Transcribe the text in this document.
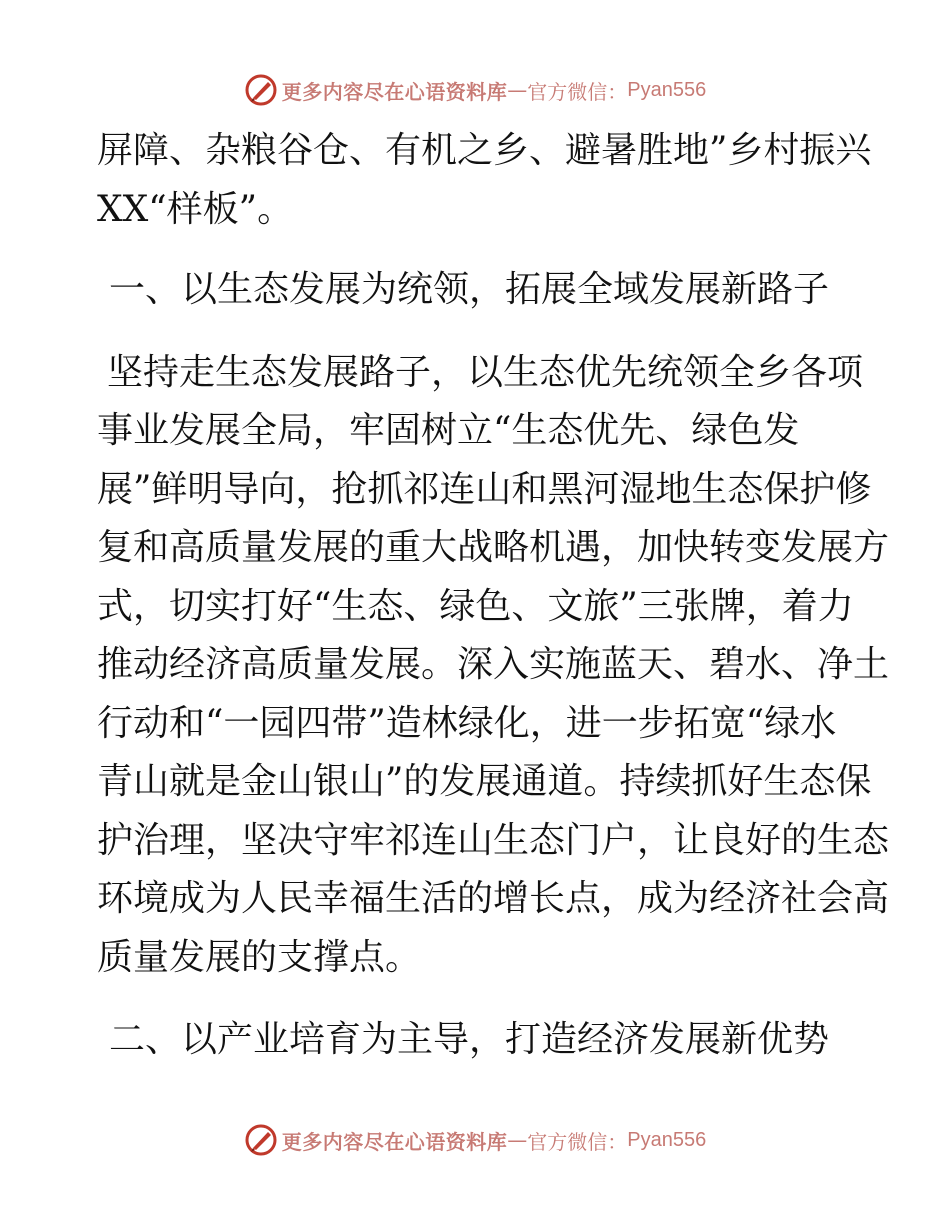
更多内容尽在心语资料库 — 官方微信： Pyan556

屏障、杂粮谷仓、有机之乡、避暑胜地”乡村振兴
XX“样板”。

一、以生态发展为统领，拓展全域发展新路子

坚持走生态发展路子，以生态优先统领全乡各项
事业发展全局，牢固树立“生态优先、绿色发
展”鲜明导向，抢抓祁连山和黑河湿地生态保护修
复和高质量发展的重大战略机遇，加快转变发展方
式，切实打好“生态、绿色、文旅”三张牌，着力
推动经济高质量发展。深入实施蓝天、碧水、净土
行动和“一园四带”造林绿化，进一步拓宽“绿水
青山就是金山银山”的发展通道。持续抓好生态保
护治理，坚决守牢祁连山生态门户，让良好的生态
环境成为人民幸福生活的增长点，成为经济社会高
质量发展的支撑点。

二、以产业培育为主导，打造经济发展新优势

更多内容尽在心语资料库 — 官方微信： Pyan556
